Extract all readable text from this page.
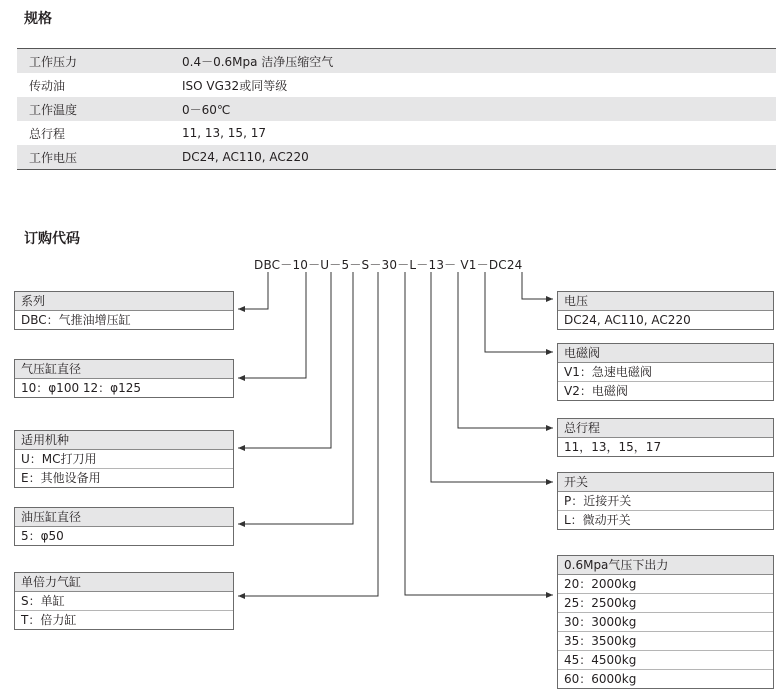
规格
工作压力	0.4－0.6Mpa 洁净压缩空气
传动油	ISO VG32或同等级
工作温度	0－60℃
总行程	11, 13, 15, 17
工作电压	DC24, AC110, AC220
订购代码
DBC－10－U－5－S－30－L－13－ V1－DC24
系列
DBC：气推油增压缸
气压缸直径
10：φ100 12：φ125
适用机种
U：MC打刀用
E：其他设备用
油压缸直径
5：φ50
单倍力气缸
S：单缸
T：倍力缸
电压
DC24, AC110, AC220
电磁阀
V1：急速电磁阀
V2：电磁阀
总行程
11，13，15，17
开关
P：近接开关
L：微动开关
0.6Mpa气压下出力
20：2000kg
25：2500kg
30：3000kg
35：3500kg
45：4500kg
60：6000kg
